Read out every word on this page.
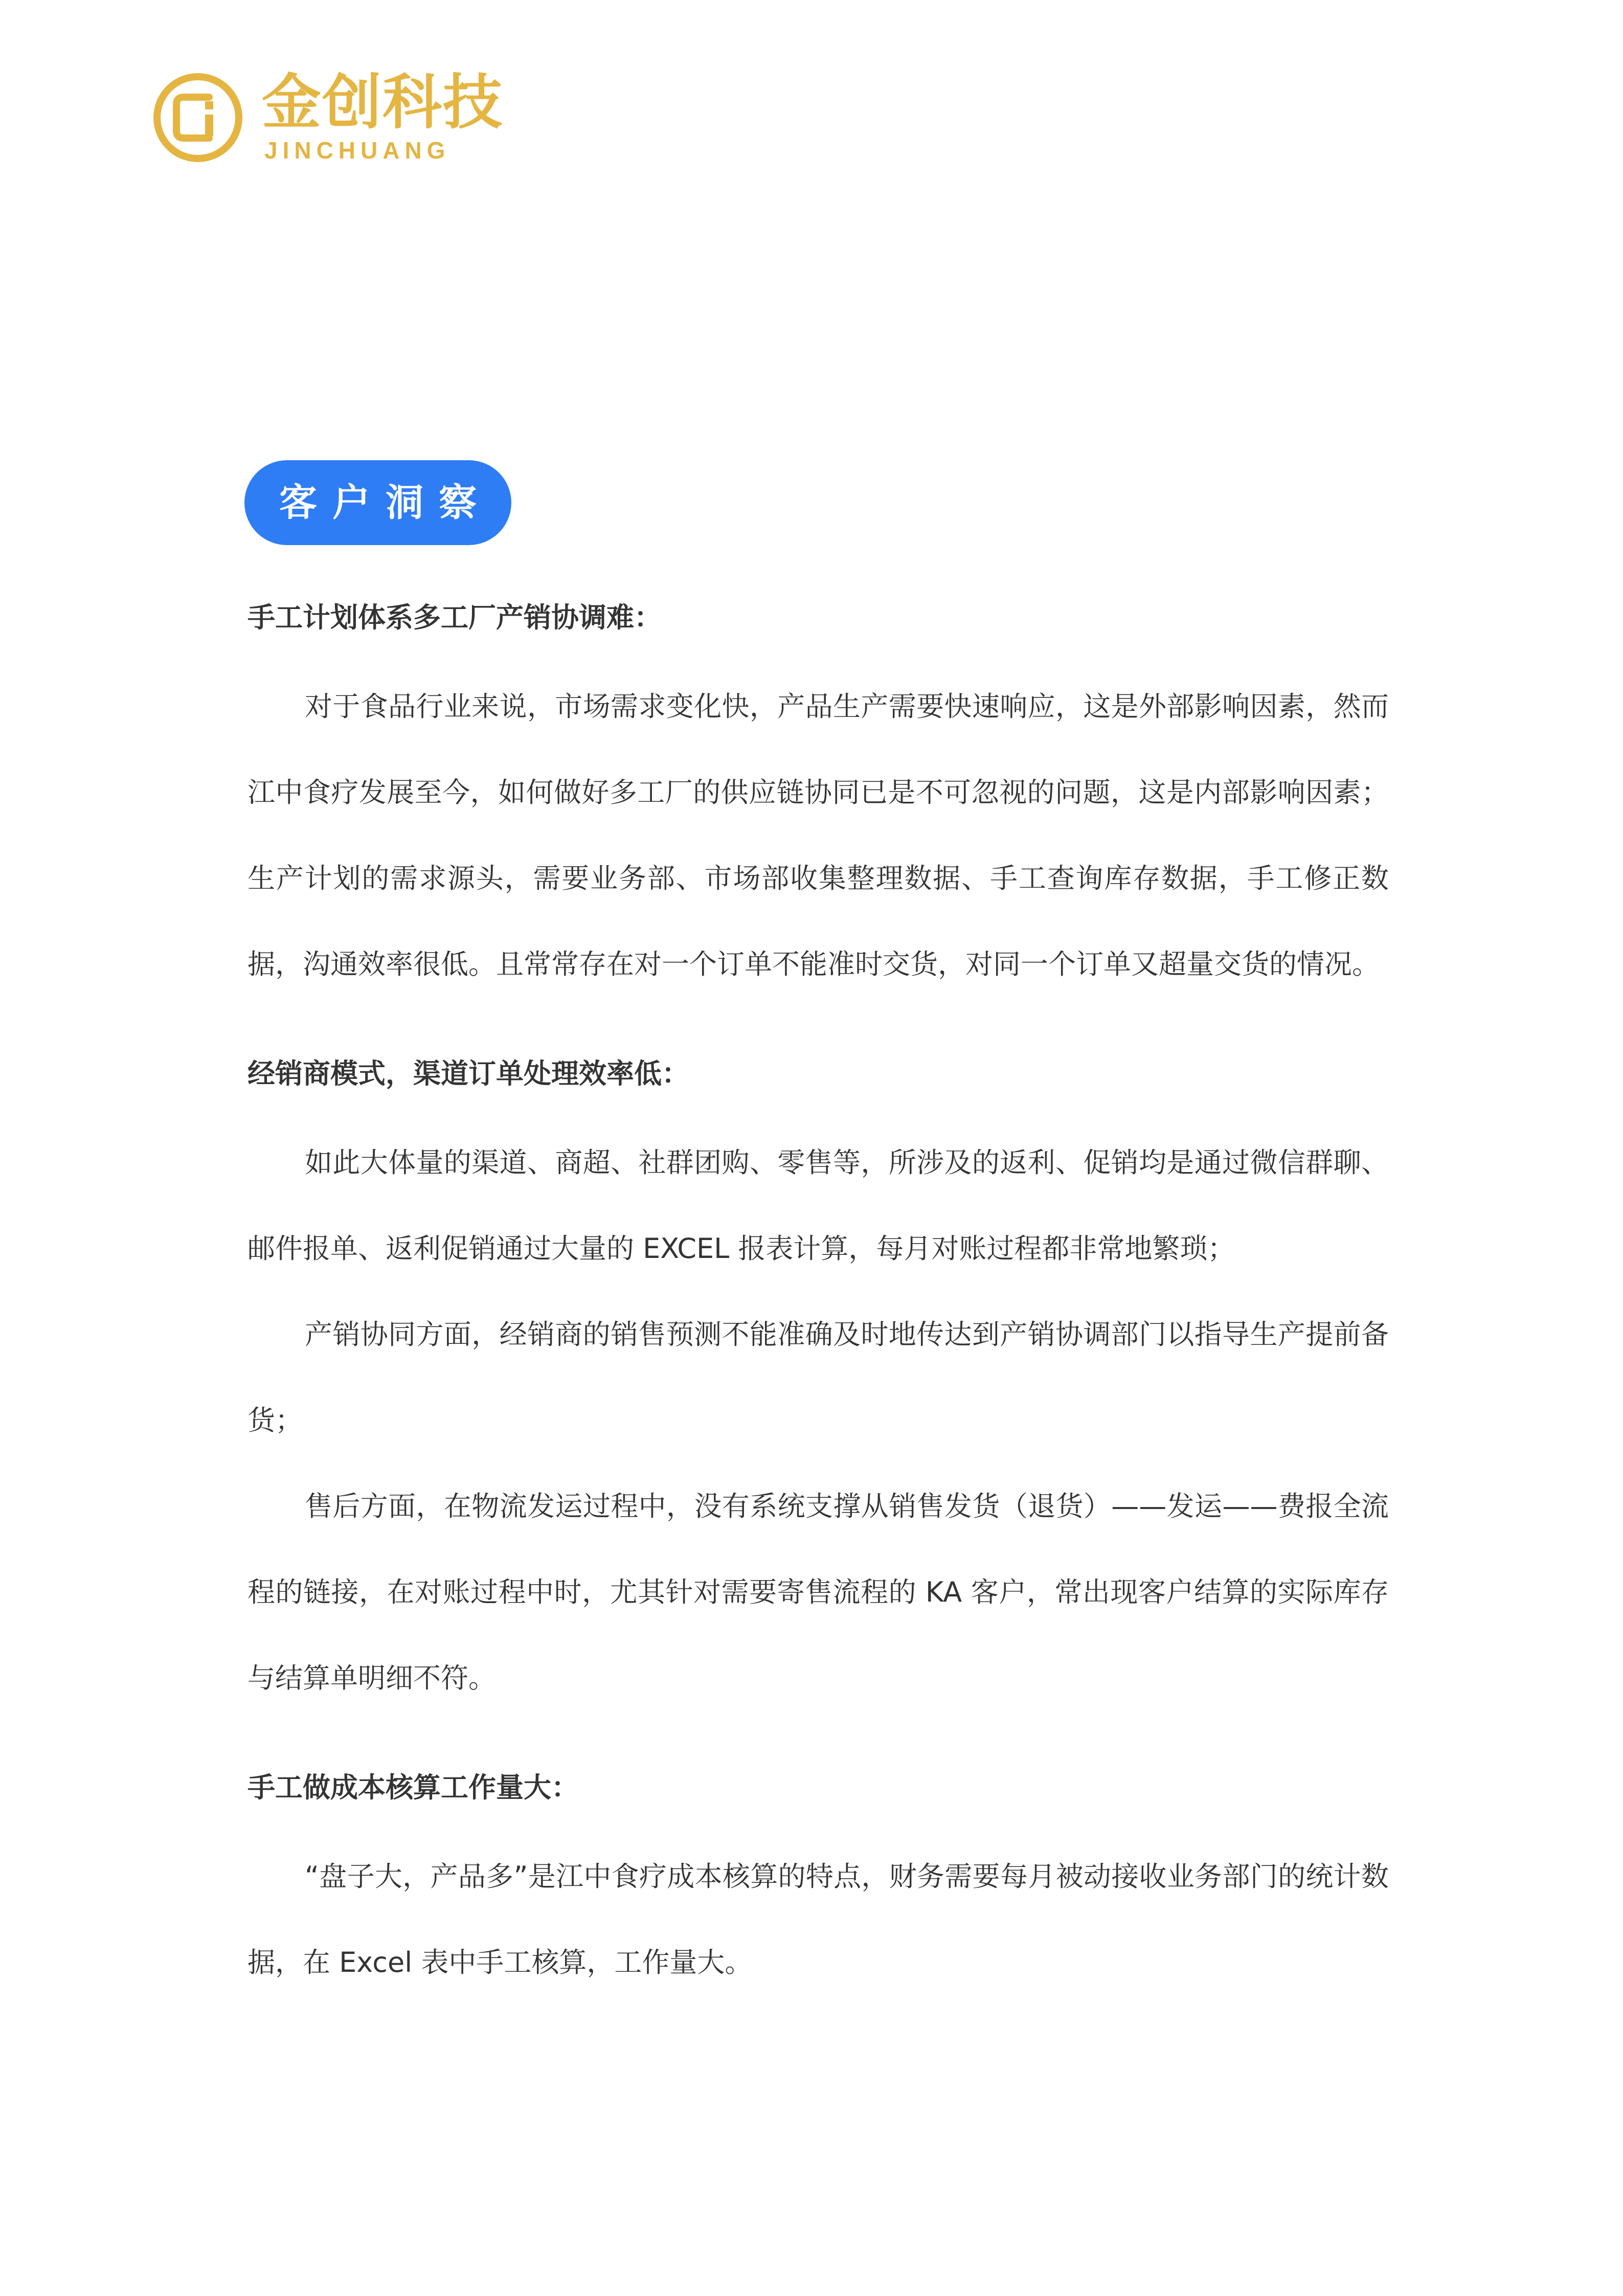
金创科技
JINCHUANG
客户洞察

手工计划体系多工厂产销协调难：

对于食品行业来说，市场需求变化快，产品生产需要快速响应，这是外部影响因素，然而江中食疗发展至今，如何做好多工厂的供应链协同已是不可忽视的问题，这是内部影响因素；生产计划的需求源头，需要业务部、市场部收集整理数据、手工查询库存数据，手工修正数据，沟通效率很低。且常常存在对一个订单不能准时交货，对同一个订单又超量交货的情况。

经销商模式，渠道订单处理效率低：

如此大体量的渠道、商超、社群团购、零售等，所涉及的返利、促销均是通过微信群聊、邮件报单、返利促销通过大量的 EXCEL 报表计算，每月对账过程都非常地繁琐；

产销协同方面，经销商的销售预测不能准确及时地传达到产销协调部门以指导生产提前备货；

售后方面，在物流发运过程中，没有系统支撑从销售发货（退货）——发运——费报全流程的链接，在对账过程中时，尤其针对需要寄售流程的 KA 客户，常出现客户结算的实际库存与结算单明细不符。

手工做成本核算工作量大：

“盘子大，产品多”是江中食疗成本核算的特点，财务需要每月被动接收业务部门的统计数据，在 Excel 表中手工核算，工作量大。
